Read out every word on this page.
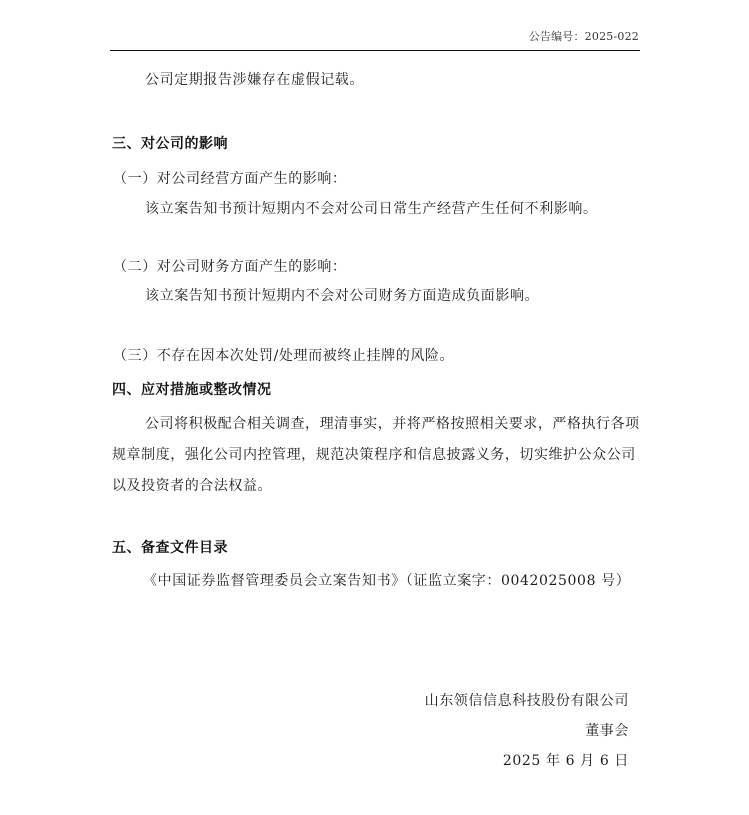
公告编号：2025-022
公司定期报告涉嫌存在虚假记载。
三、对公司的影响
（一）对公司经营方面产生的影响：
该立案告知书预计短期内不会对公司日常生产经营产生任何不利影响。
（二）对公司财务方面产生的影响：
该立案告知书预计短期内不会对公司财务方面造成负面影响。
（三）不存在因本次处罚/处理而被终止挂牌的风险。
四、应对措施或整改情况
公司将积极配合相关调查，理清事实，并将严格按照相关要求，严格执行各项规章制度，强化公司内控管理，规范决策程序和信息披露义务，切实维护公众公司以及投资者的合法权益。
五、备查文件目录
《中国证券监督管理委员会立案告知书》（证监立案字：0042025008 号）
山东领信信息科技股份有限公司
董事会
2025 年 6 月 6 日
